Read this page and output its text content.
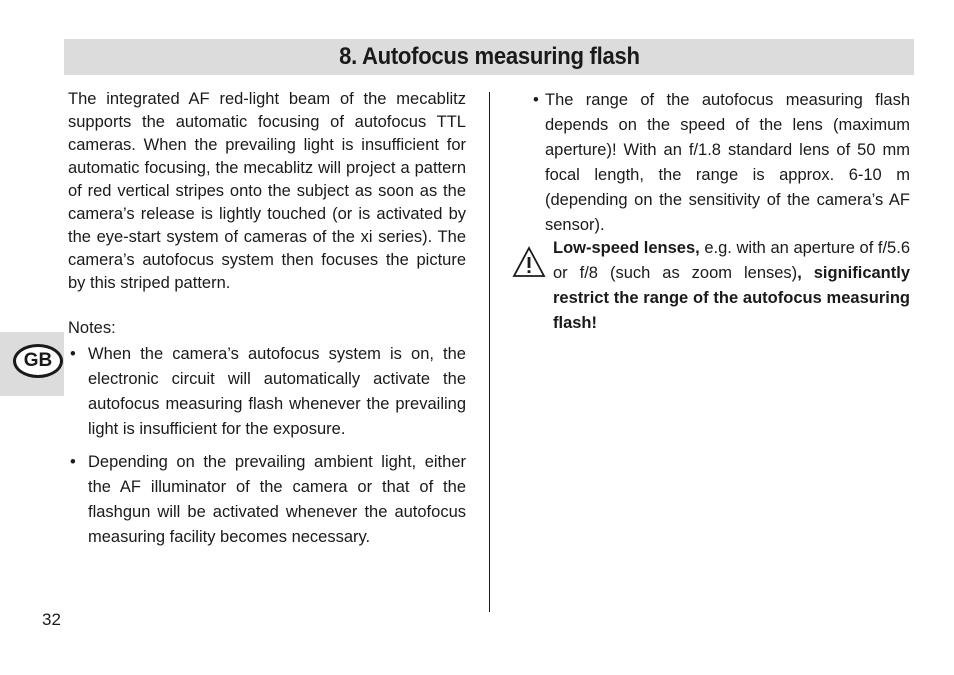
8. Autofocus measuring flash
GB

The integrated AF red-light beam of the mecablitz supports the automatic focusing of autofocus TTL cameras. When the prevailing light is insufficient for automatic focusing, the mecablitz will project a pattern of red vertical stripes onto the subject as soon as the camera’s release is lightly touched (or is activated by the eye-start system of cameras of the xi series). The camera’s autofocus system then focuses the picture by this striped pattern.

Notes:

• When the camera’s autofocus system is on, the electronic circuit will automatically activate the autofocus measuring flash whenever the prevailing light is insufficient for the exposure.
• Depending on the prevailing ambient light, either the AF illuminator of the camera or that of the flashgun will be activated whenever the autofocus measuring facility becomes necessary.
• The range of the autofocus measuring flash depends on the speed of the lens (maximum aperture)! With an f/1.8 standard lens of 50 mm focal length, the range is approx. 6-10 m (depending on the sensitivity of the camera’s AF sensor).
Low-speed lenses, e.g. with an aperture of f/5.6 or f/8 (such as zoom lenses), significantly restrict the range of the autofocus measuring flash!
32
